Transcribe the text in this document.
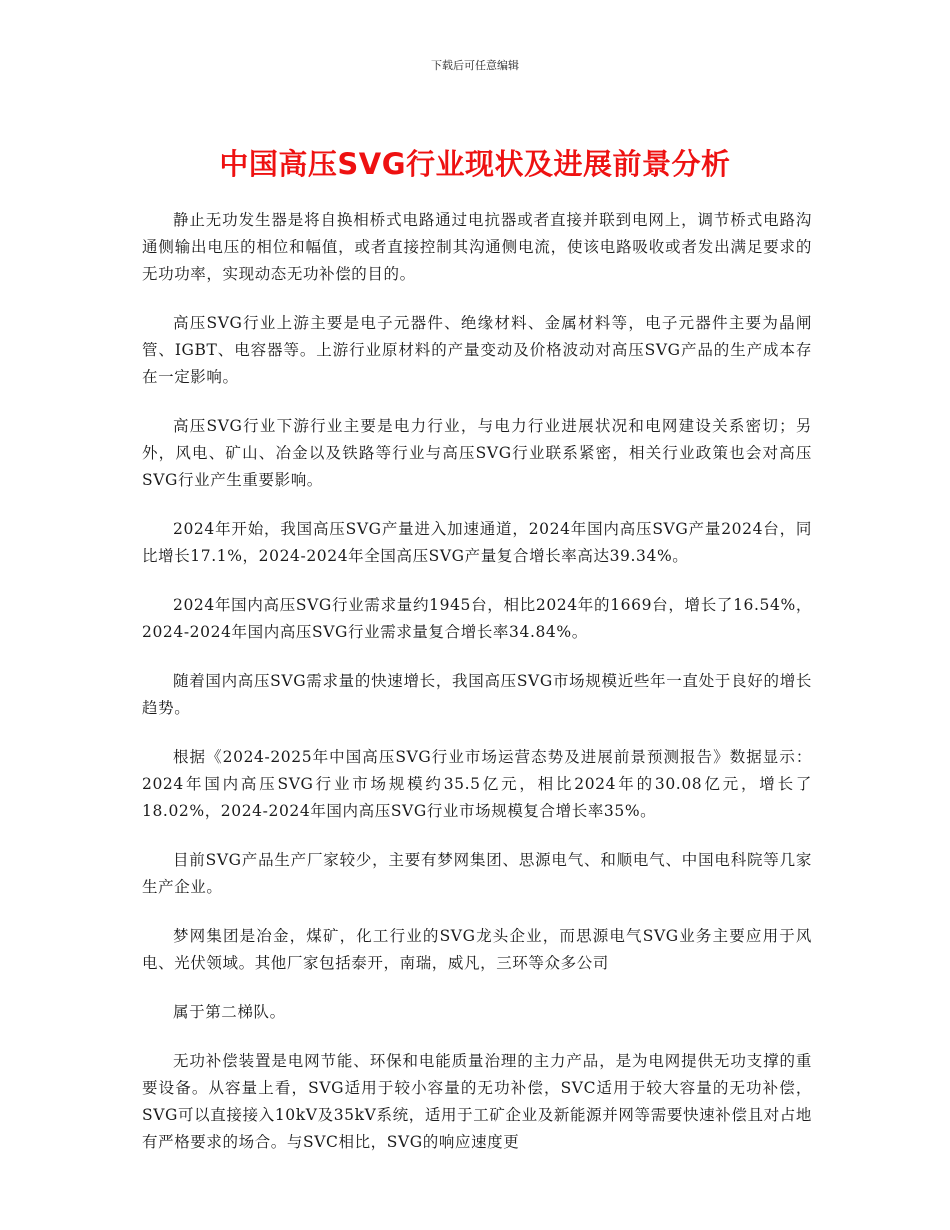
下载后可任意编辑
中国高压SVG行业现状及进展前景分析

静止无功发生器是将自换相桥式电路通过电抗器或者直接并联到电网上，调节桥式电路沟通侧输出电压的相位和幅值，或者直接控制其沟通侧电流，使该电路吸收或者发出满足要求的无功功率，实现动态无功补偿的目的。

高压SVG行业上游主要是电子元器件、绝缘材料、金属材料等，电子元器件主要为晶闸管、IGBT、电容器等。上游行业原材料的产量变动及价格波动对高压SVG产品的生产成本存在一定影响。

高压SVG行业下游行业主要是电力行业，与电力行业进展状况和电网建设关系密切；另外，风电、矿山、冶金以及铁路等行业与高压SVG行业联系紧密，相关行业政策也会对高压SVG行业产生重要影响。

2024年开始，我国高压SVG产量进入加速通道，2024年国内高压SVG产量2024台，同比增长17.1%，2024-2024年全国高压SVG产量复合增长率高达39.34%。

2024年国内高压SVG行业需求量约1945台，相比2024年的1669台，增长了16.54%，2024-2024年国内高压SVG行业需求量复合增长率34.84%。

随着国内高压SVG需求量的快速增长，我国高压SVG市场规模近些年一直处于良好的增长趋势。

根据《2024-2025年中国高压SVG行业市场运营态势及进展前景预测报告》数据显示：2024年国内高压SVG行业市场规模约35.5亿元，相比2024年的30.08亿元，增长了18.02%，2024-2024年国内高压SVG行业市场规模复合增长率35%。

目前SVG产品生产厂家较少，主要有梦网集团、思源电气、和顺电气、中国电科院等几家生产企业。

梦网集团是冶金，煤矿，化工行业的SVG龙头企业，而思源电气SVG业务主要应用于风电、光伏领域。其他厂家包括泰开，南瑞，威凡，三环等众多公司

属于第二梯队。

无功补偿装置是电网节能、环保和电能质量治理的主力产品，是为电网提供无功支撑的重要设备。从容量上看，SVG适用于较小容量的无功补偿，SVC适用于较大容量的无功补偿，SVG可以直接接入10kV及35kV系统，适用于工矿企业及新能源并网等需要快速补偿且对占地有严格要求的场合。与SVC相比，SVG的响应速度更
